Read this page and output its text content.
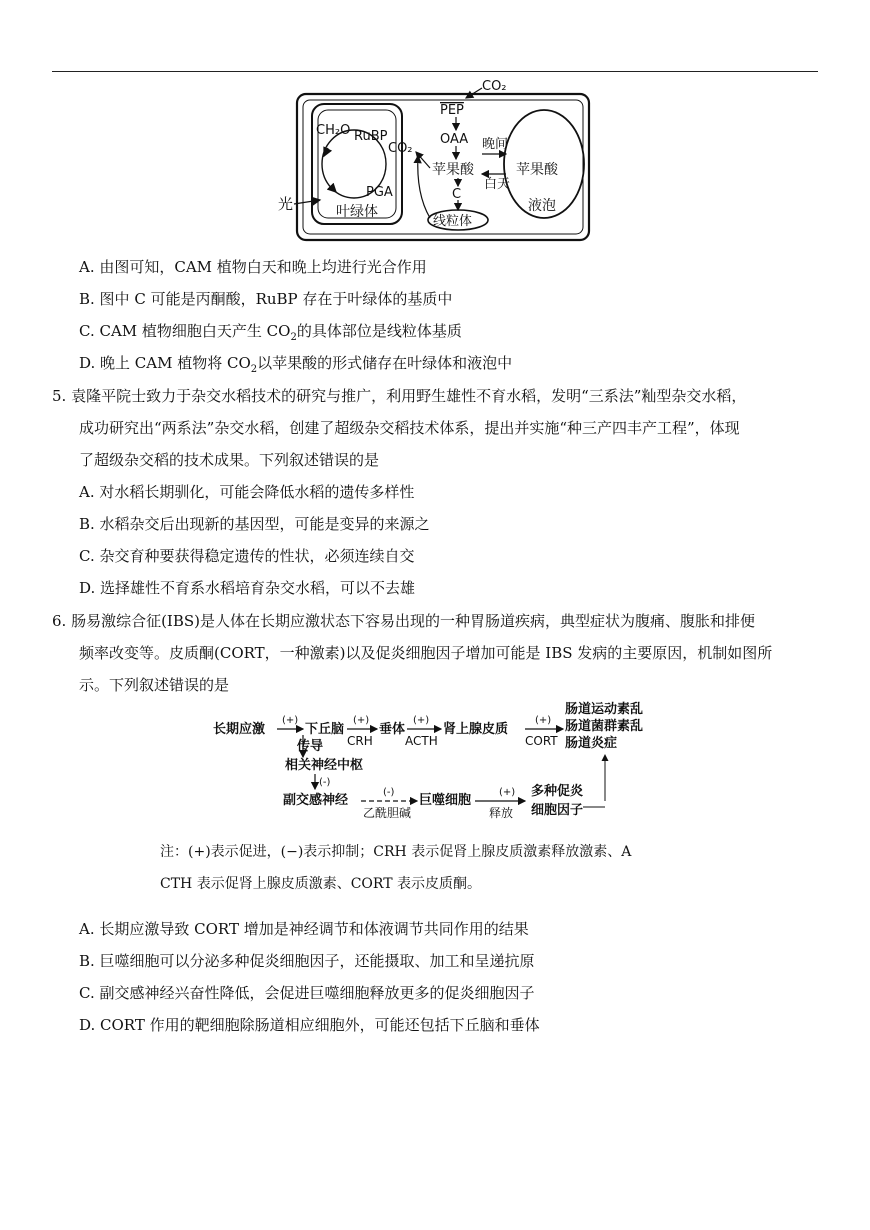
CH₂O RuBP
CO₂
PGA
叶绿体
光
CO₂
PEP
OAA
苹果酸
C
线粒体
晚间
白天
苹果酸
液泡
A. 由图可知，CAM 植物白天和晚上均进行光合作用
B. 图中 C 可能是丙酮酸，RuBP 存在于叶绿体的基质中
C. CAM 植物细胞白天产生 $CO_2$的具体部位是线粒体基质
D. 晚上 CAM 植物将 $CO_2$以苹果酸的形式储存在叶绿体和液泡中
5. 袁隆平院士致力于杂交水稻技术的研究与推广，利用野生雄性不育水稻，发明“三系法”籼型杂交水稻，
成功研究出“两系法”杂交水稻，创建了超级杂交稻技术体系，提出并实施“种三产四丰产工程”，体现
了超级杂交稻的技术成果。下列叙述错误的是
A. 对水稻长期驯化，可能会降低水稻的遗传多样性
B. 水稻杂交后出现新的基因型，可能是变异的来源之
C. 杂交育种要获得稳定遗传的性状，必须连续自交
D. 选择雄性不育系水稻培育杂交水稻，可以不去雄
6. 肠易激综合征(IBS)是人体在长期应激状态下容易出现的一种胃肠道疾病，典型症状为腹痛、腹胀和排便
频率改变等。皮质酮(CORT，一种激素)以及促炎细胞因子增加可能是 IBS 发病的主要原因，机制如图所
示。下列叙述错误的是
长期应激
(+)
下丘脑
(+)
CRH
垂体
(+)
ACTH
肾上腺皮质
(+)
CORT
肠道运动素乱
肠道菌群素乱
肠道炎症
传导
相关神经中枢
(-)
副交感神经
(-)
乙酰胆碱
巨噬细胞
(+)
释放
多种促炎
细胞因子
注：(+)表示促进，(−)表示抑制；CRH 表示促肾上腺皮质激素释放激素、A
CTH 表示促肾上腺皮质激素、CORT 表示皮质酮。
A. 长期应激导致 CORT 增加是神经调节和体液调节共同作用的结果
B. 巨噬细胞可以分泌多种促炎细胞因子，还能摄取、加工和呈递抗原
C. 副交感神经兴奋性降低，会促进巨噬细胞释放更多的促炎细胞因子
D. CORT 作用的靶细胞除肠道相应细胞外，可能还包括下丘脑和垂体
